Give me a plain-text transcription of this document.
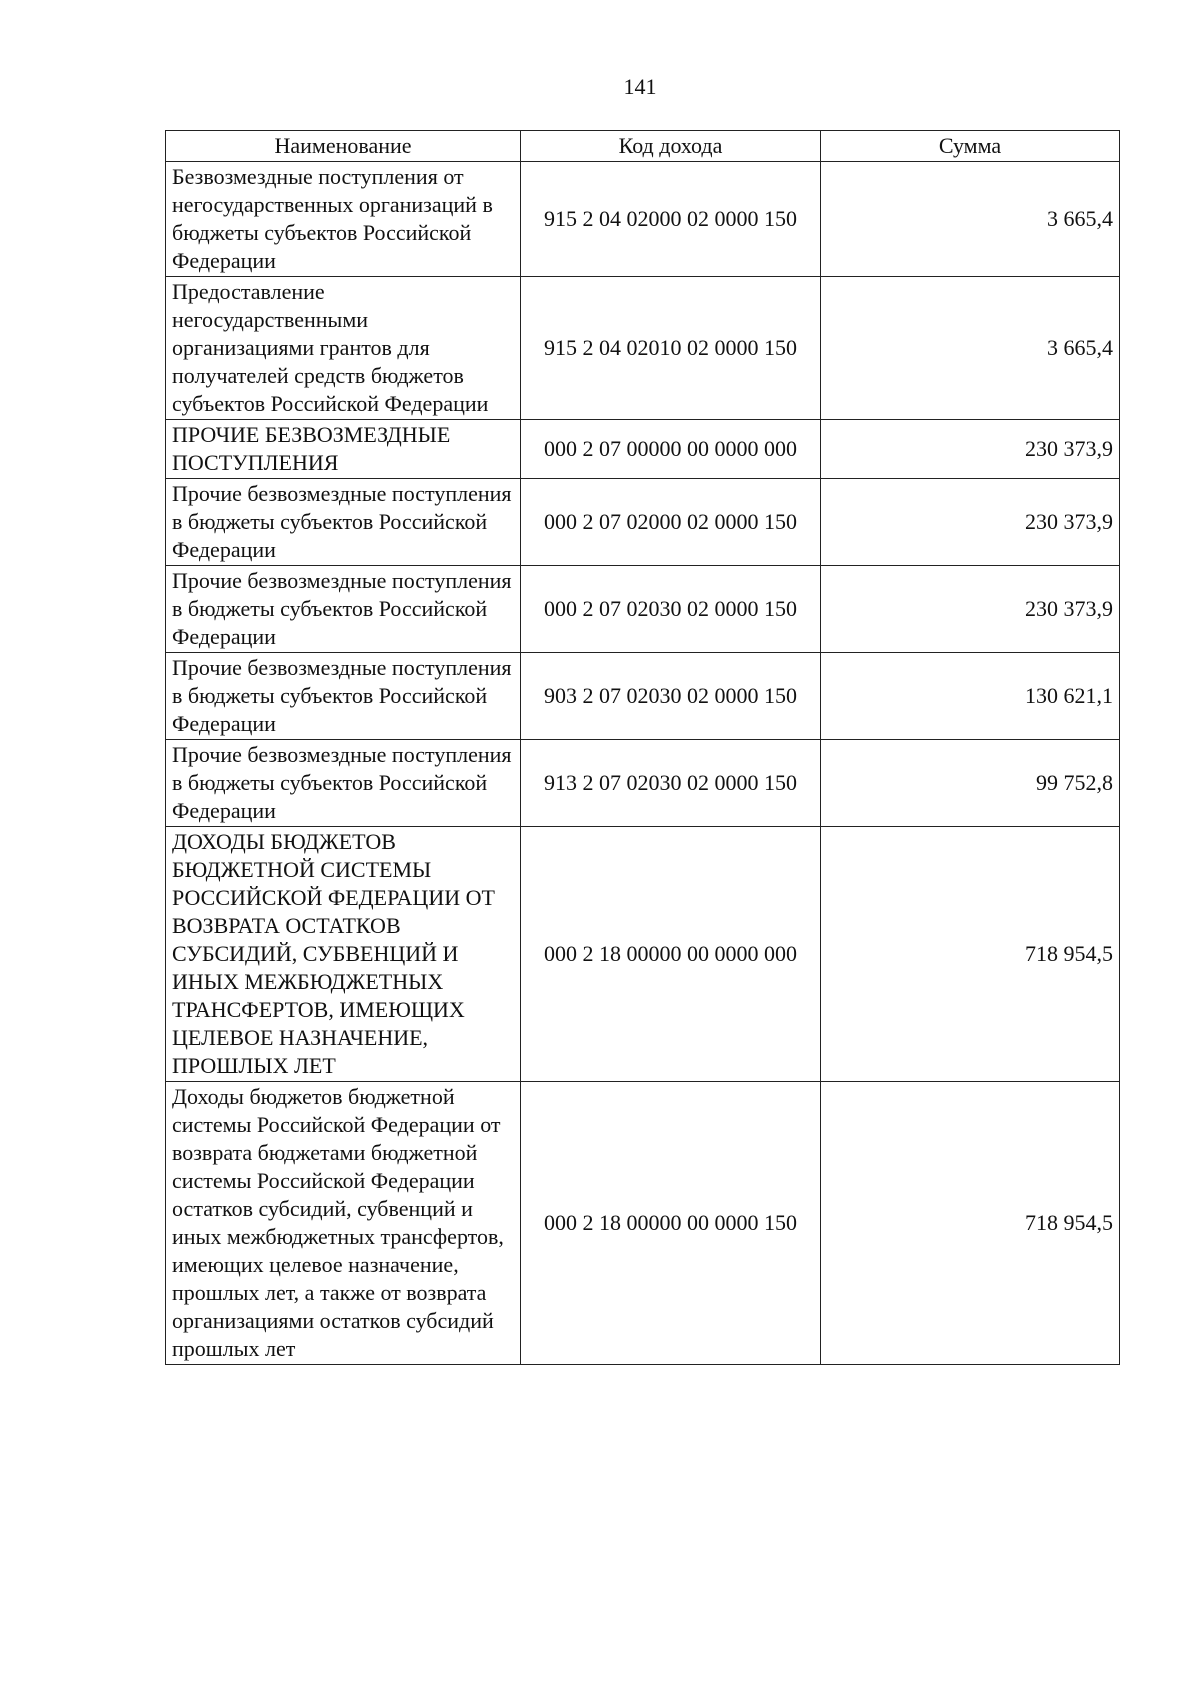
141
Наименование	Код дохода	Сумма
Безвозмездные поступления от негосударственных организаций в бюджеты субъектов Российской Федерации	915 2 04 02000 02 0000 150	3 665,4
Предоставление негосударственными организациями грантов для получателей средств бюджетов субъектов Российской Федерации	915 2 04 02010 02 0000 150	3 665,4
ПРОЧИЕ БЕЗВОЗМЕЗДНЫЕ ПОСТУПЛЕНИЯ	000 2 07 00000 00 0000 000	230 373,9
Прочие безвозмездные поступления в бюджеты субъектов Российской Федерации	000 2 07 02000 02 0000 150	230 373,9
Прочие безвозмездные поступления в бюджеты субъектов Российской Федерации	000 2 07 02030 02 0000 150	230 373,9
Прочие безвозмездные поступления в бюджеты субъектов Российской Федерации	903 2 07 02030 02 0000 150	130 621,1
Прочие безвозмездные поступления в бюджеты субъектов Российской Федерации	913 2 07 02030 02 0000 150	99 752,8
ДОХОДЫ БЮДЖЕТОВ БЮДЖЕТНОЙ СИСТЕМЫ РОССИЙСКОЙ ФЕДЕРАЦИИ ОТ ВОЗВРАТА ОСТАТКОВ СУБСИДИЙ, СУБВЕНЦИЙ И ИНЫХ МЕЖБЮДЖЕТНЫХ ТРАНСФЕРТОВ, ИМЕЮЩИХ ЦЕЛЕВОЕ НАЗНАЧЕНИЕ, ПРОШЛЫХ ЛЕТ	000 2 18 00000 00 0000 000	718 954,5
Доходы бюджетов бюджетной системы Российской Федерации от возврата бюджетами бюджетной системы Российской Федерации остатков субсидий, субвенций и иных межбюджетных трансфертов, имеющих целевое назначение, прошлых лет, а также от возврата организациями остатков субсидий прошлых лет	000 2 18 00000 00 0000 150	718 954,5
